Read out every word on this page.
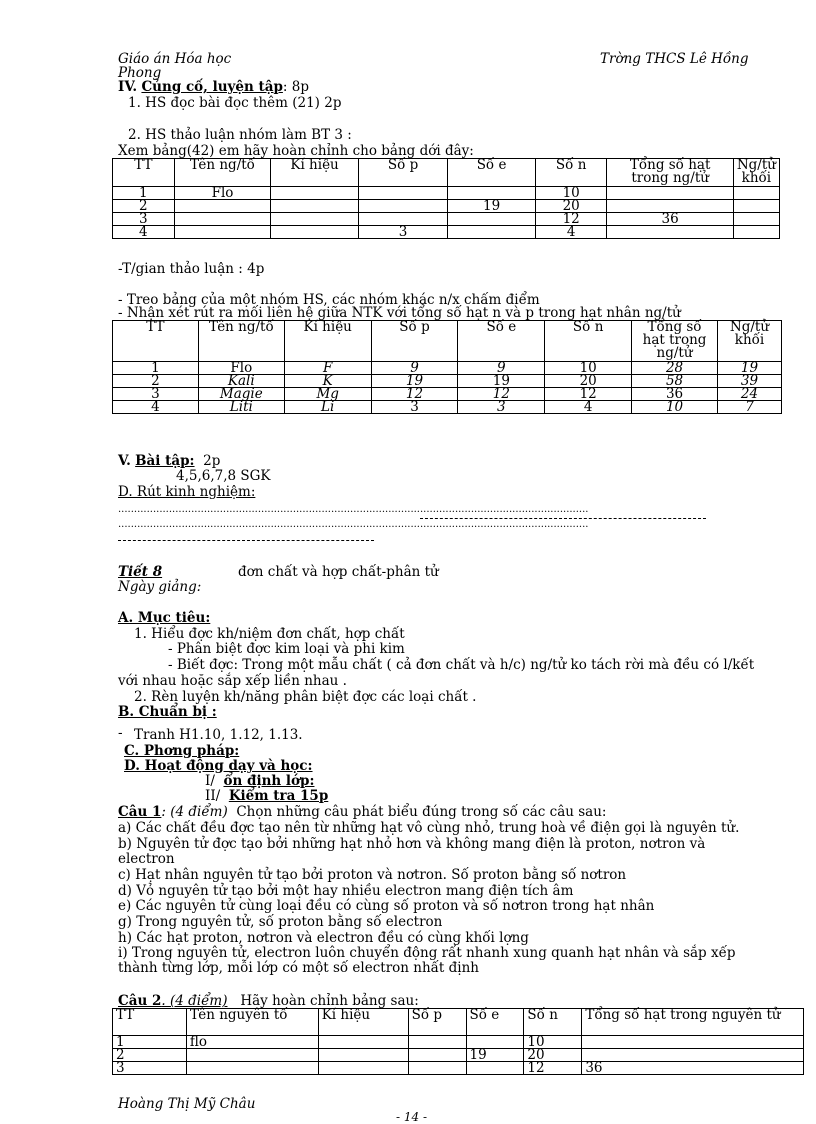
Giáo án Hóa học
Phong
Trờng THCS Lê Hồng
IV. Củng cố, luyện tập: 8p
1. HS đọc bài đọc thêm (21) 2p
2. HS thảo luận nhóm làm BT 3 :
Xem bảng(42) em hãy hoàn chỉnh cho bảng dới đây:
TT	Tên ng/tố	Kí hiệu	Số p	Số e	Số n	Tổng số hạt trong ng/tử	Ng/tử khối
1	Flo				10		
2				19	20		
3					12	36	
4			3		4		
-T/gian thảo luận : 4p
- Treo bảng của một nhóm HS, các nhóm khác n/x chấm điểm
- Nhận xét rút ra mối liên hệ giữa NTK với tổng số hạt n và p trong hạt nhân ng/tử
TT	Tên ng/tố	Kí hiệu	Số p	Số e	Số n	Tổng số hạt trong ng/tử	Ng/tử khối
1	Flo	F	9	9	10	28	19
2	Kali	K	19	19	20	58	39
3	Magie	Mg	12	12	12	36	24
4	Liti	Li	3	3	4	10	7
V. Bài tập: 2p
4,5,6,7,8 SGK
D. Rút kinh nghiệm:
....................................................................................................................................................
....................................................................................................................................................
Tiết 8	đơn chất và hợp chất-phân tử
Ngày giảng:
A. Mục tiêu:
1. Hiểu đợc kh/niệm đơn chất, hợp chất
- Phân biệt đợc kim loại và phi kim
- Biết đợc: Trong một mẫu chất ( cả đơn chất và h/c) ng/tử ko tách rời mà đều có l/kết
với nhau hoặc sắp xếp liền nhau .
2. Rèn luyện kh/năng phân biệt đợc các loại chất .
B. Chuẩn bị :
- Tranh H1.10, 1.12, 1.13.
C. Phơng pháp:
D. Hoạt động dạy và học:
I/ ổn định lớp:
II/ Kiểm tra 15p
Câu 1: (4 điểm) Chọn những câu phát biểu đúng trong số các câu sau:
a) Các chất đều đợc tạo nên từ những hạt vô cùng nhỏ, trung hoà về điện gọi là nguyên tử.
b) Nguyên tử đợc tạo bởi những hạt nhỏ hơn và không mang điện là proton, nơtron và
electron
c) Hạt nhân nguyên tử tạo bởi proton và nơtron. Số proton bằng số nơtron
d) Vỏ nguyên tử tạo bởi một hay nhiều electron mang điện tích âm
e) Các nguyên tử cùng loại đều có cùng số proton và số nơtron trong hạt nhân
g) Trong nguyên tử, số proton bằng số electron
h) Các hạt proton, nơtron và electron đều có cùng khối lợng
i) Trong nguyên tử, electron luôn chuyển động rất nhanh xung quanh hạt nhân và sắp xếp
thành từng lớp, mỗi lớp có một số electron nhất định
Câu 2. (4 điểm) Hãy hoàn chỉnh bảng sau:
TT	Tên nguyên tố	Kí hiệu	Số p	Số e	Số n	Tổng số hạt trong nguyên tử
1	flo				10	
2				19	20	
3					12	36
Hoàng Thị Mỹ Châu
- 14 -
